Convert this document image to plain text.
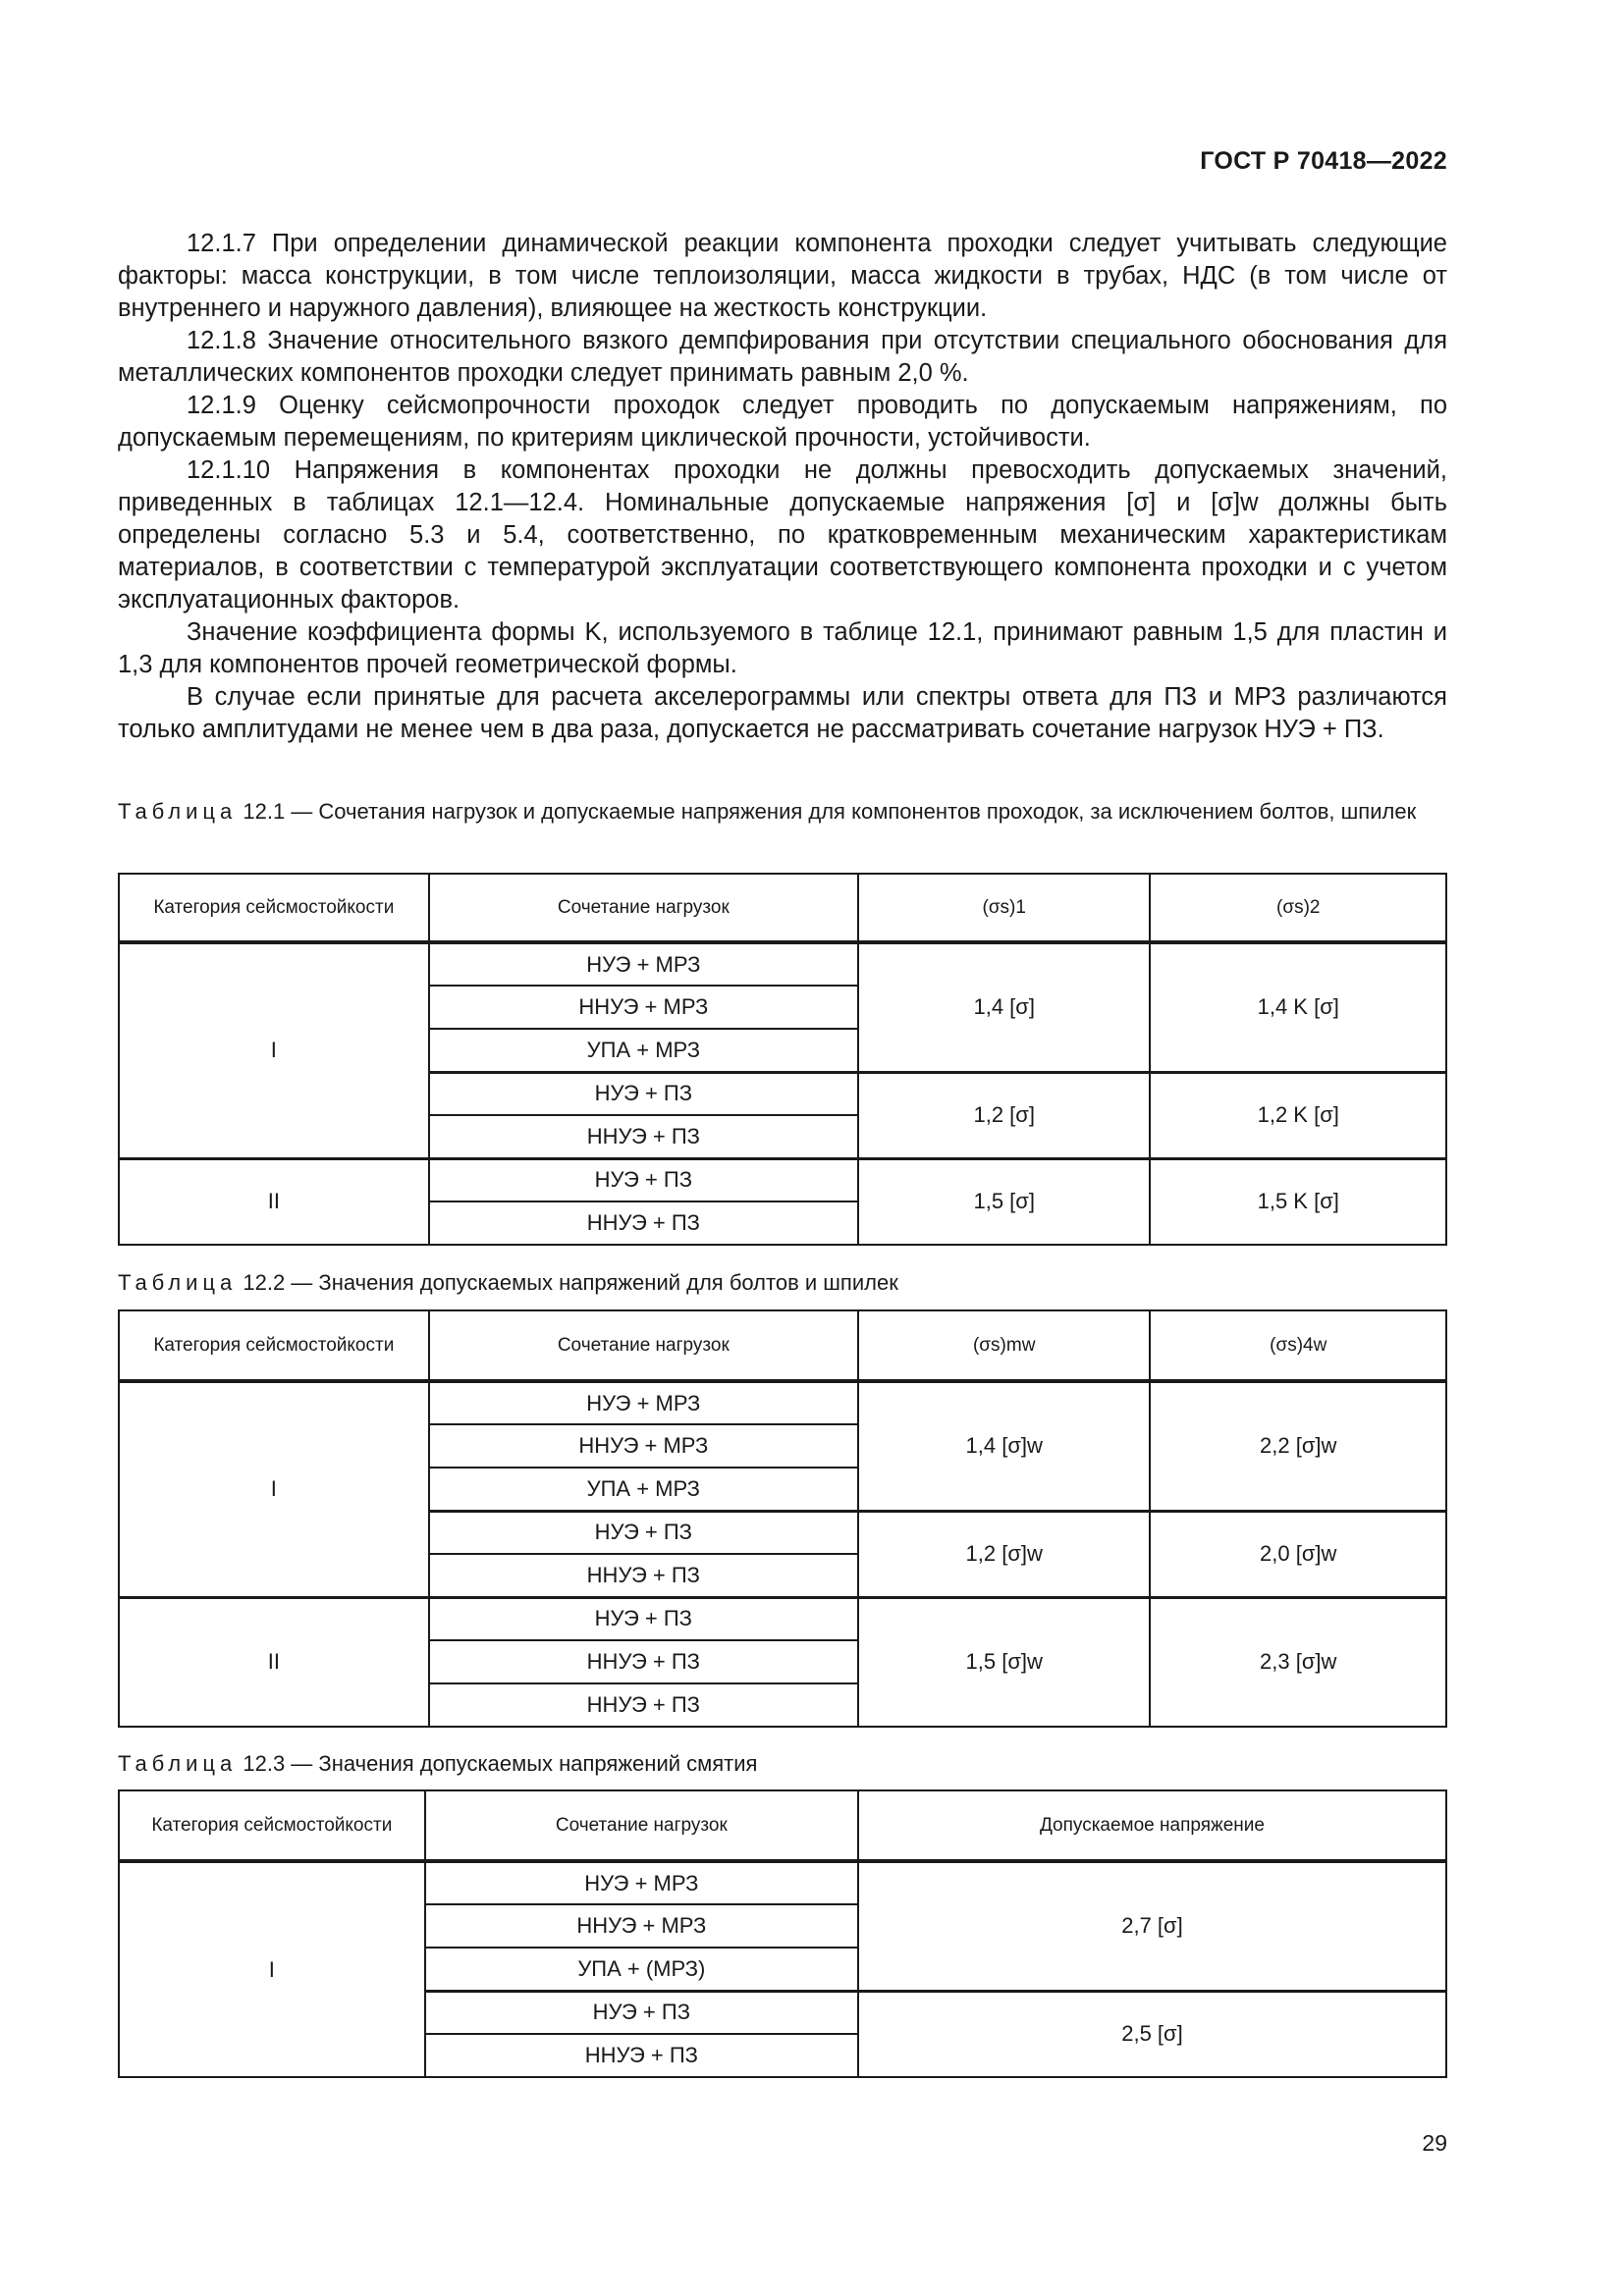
ГОСТ Р 70418—2022

12.1.7 При определении динамической реакции компонента проходки следует учитывать следующие факторы: масса конструкции, в том числе теплоизоляции, масса жидкости в трубах, НДС (в том числе от внутреннего и наружного давления), влияющее на жесткость конструкции.

12.1.8 Значение относительного вязкого демпфирования при отсутствии специального обоснования для металлических компонентов проходки следует принимать равным 2,0 %.

12.1.9 Оценку сейсмопрочности проходок следует проводить по допускаемым напряжениям, по допускаемым перемещениям, по критериям циклической прочности, устойчивости.

12.1.10 Напряжения в компонентах проходки не должны превосходить допускаемых значений, приведенных в таблицах 12.1—12.4. Номинальные допускаемые напряжения [σ] и [σ]w должны быть определены согласно 5.3 и 5.4, соответственно, по кратковременным механическим характеристикам материалов, в соответствии с температурой эксплуатации соответствующего компонента проходки и с учетом эксплуатационных факторов.

Значение коэффициента формы K, используемого в таблице 12.1, принимают равным 1,5 для пластин и 1,3 для компонентов прочей геометрической формы.

В случае если принятые для расчета акселерограммы или спектры ответа для ПЗ и МРЗ различаются только амплитудами не менее чем в два раза, допускается не рассматривать сочетание нагрузок НУЭ + ПЗ.

Таблица 12.1 — Сочетания нагрузок и допускаемые напряжения для компонентов проходок, за исключением болтов, шпилек
Категория сейсмостойкости	Сочетание нагрузок	(σs)1	(σs)2
I	НУЭ + МРЗ	1,4 [σ]	1,4 K [σ]
	ННУЭ + МРЗ		
	УПА + МРЗ		
	НУЭ + ПЗ	1,2 [σ]	1,2 K [σ]
	ННУЭ + ПЗ		
II	НУЭ + ПЗ	1,5 [σ]	1,5 K [σ]
	ННУЭ + ПЗ		
Таблица 12.2 — Значения допускаемых напряжений для болтов и шпилек
Категория сейсмостойкости	Сочетание нагрузок	(σs)mw	(σs)4w
I	НУЭ + МРЗ	1,4 [σ]w	2,2 [σ]w
	ННУЭ + МРЗ		
	УПА + МРЗ		
	НУЭ + ПЗ	1,2 [σ]w	2,0 [σ]w
	ННУЭ + ПЗ		
II	НУЭ + ПЗ	1,5 [σ]w	2,3 [σ]w
	ННУЭ + ПЗ		
	ННУЭ + ПЗ		
Таблица 12.3 — Значения допускаемых напряжений смятия
Категория сейсмостойкости	Сочетание нагрузок	Допускаемое напряжение
I	НУЭ + МРЗ	2,7 [σ]
	ННУЭ + МРЗ	
	УПА + (МРЗ)	
	НУЭ + ПЗ	2,5 [σ]
	ННУЭ + ПЗ	
29
